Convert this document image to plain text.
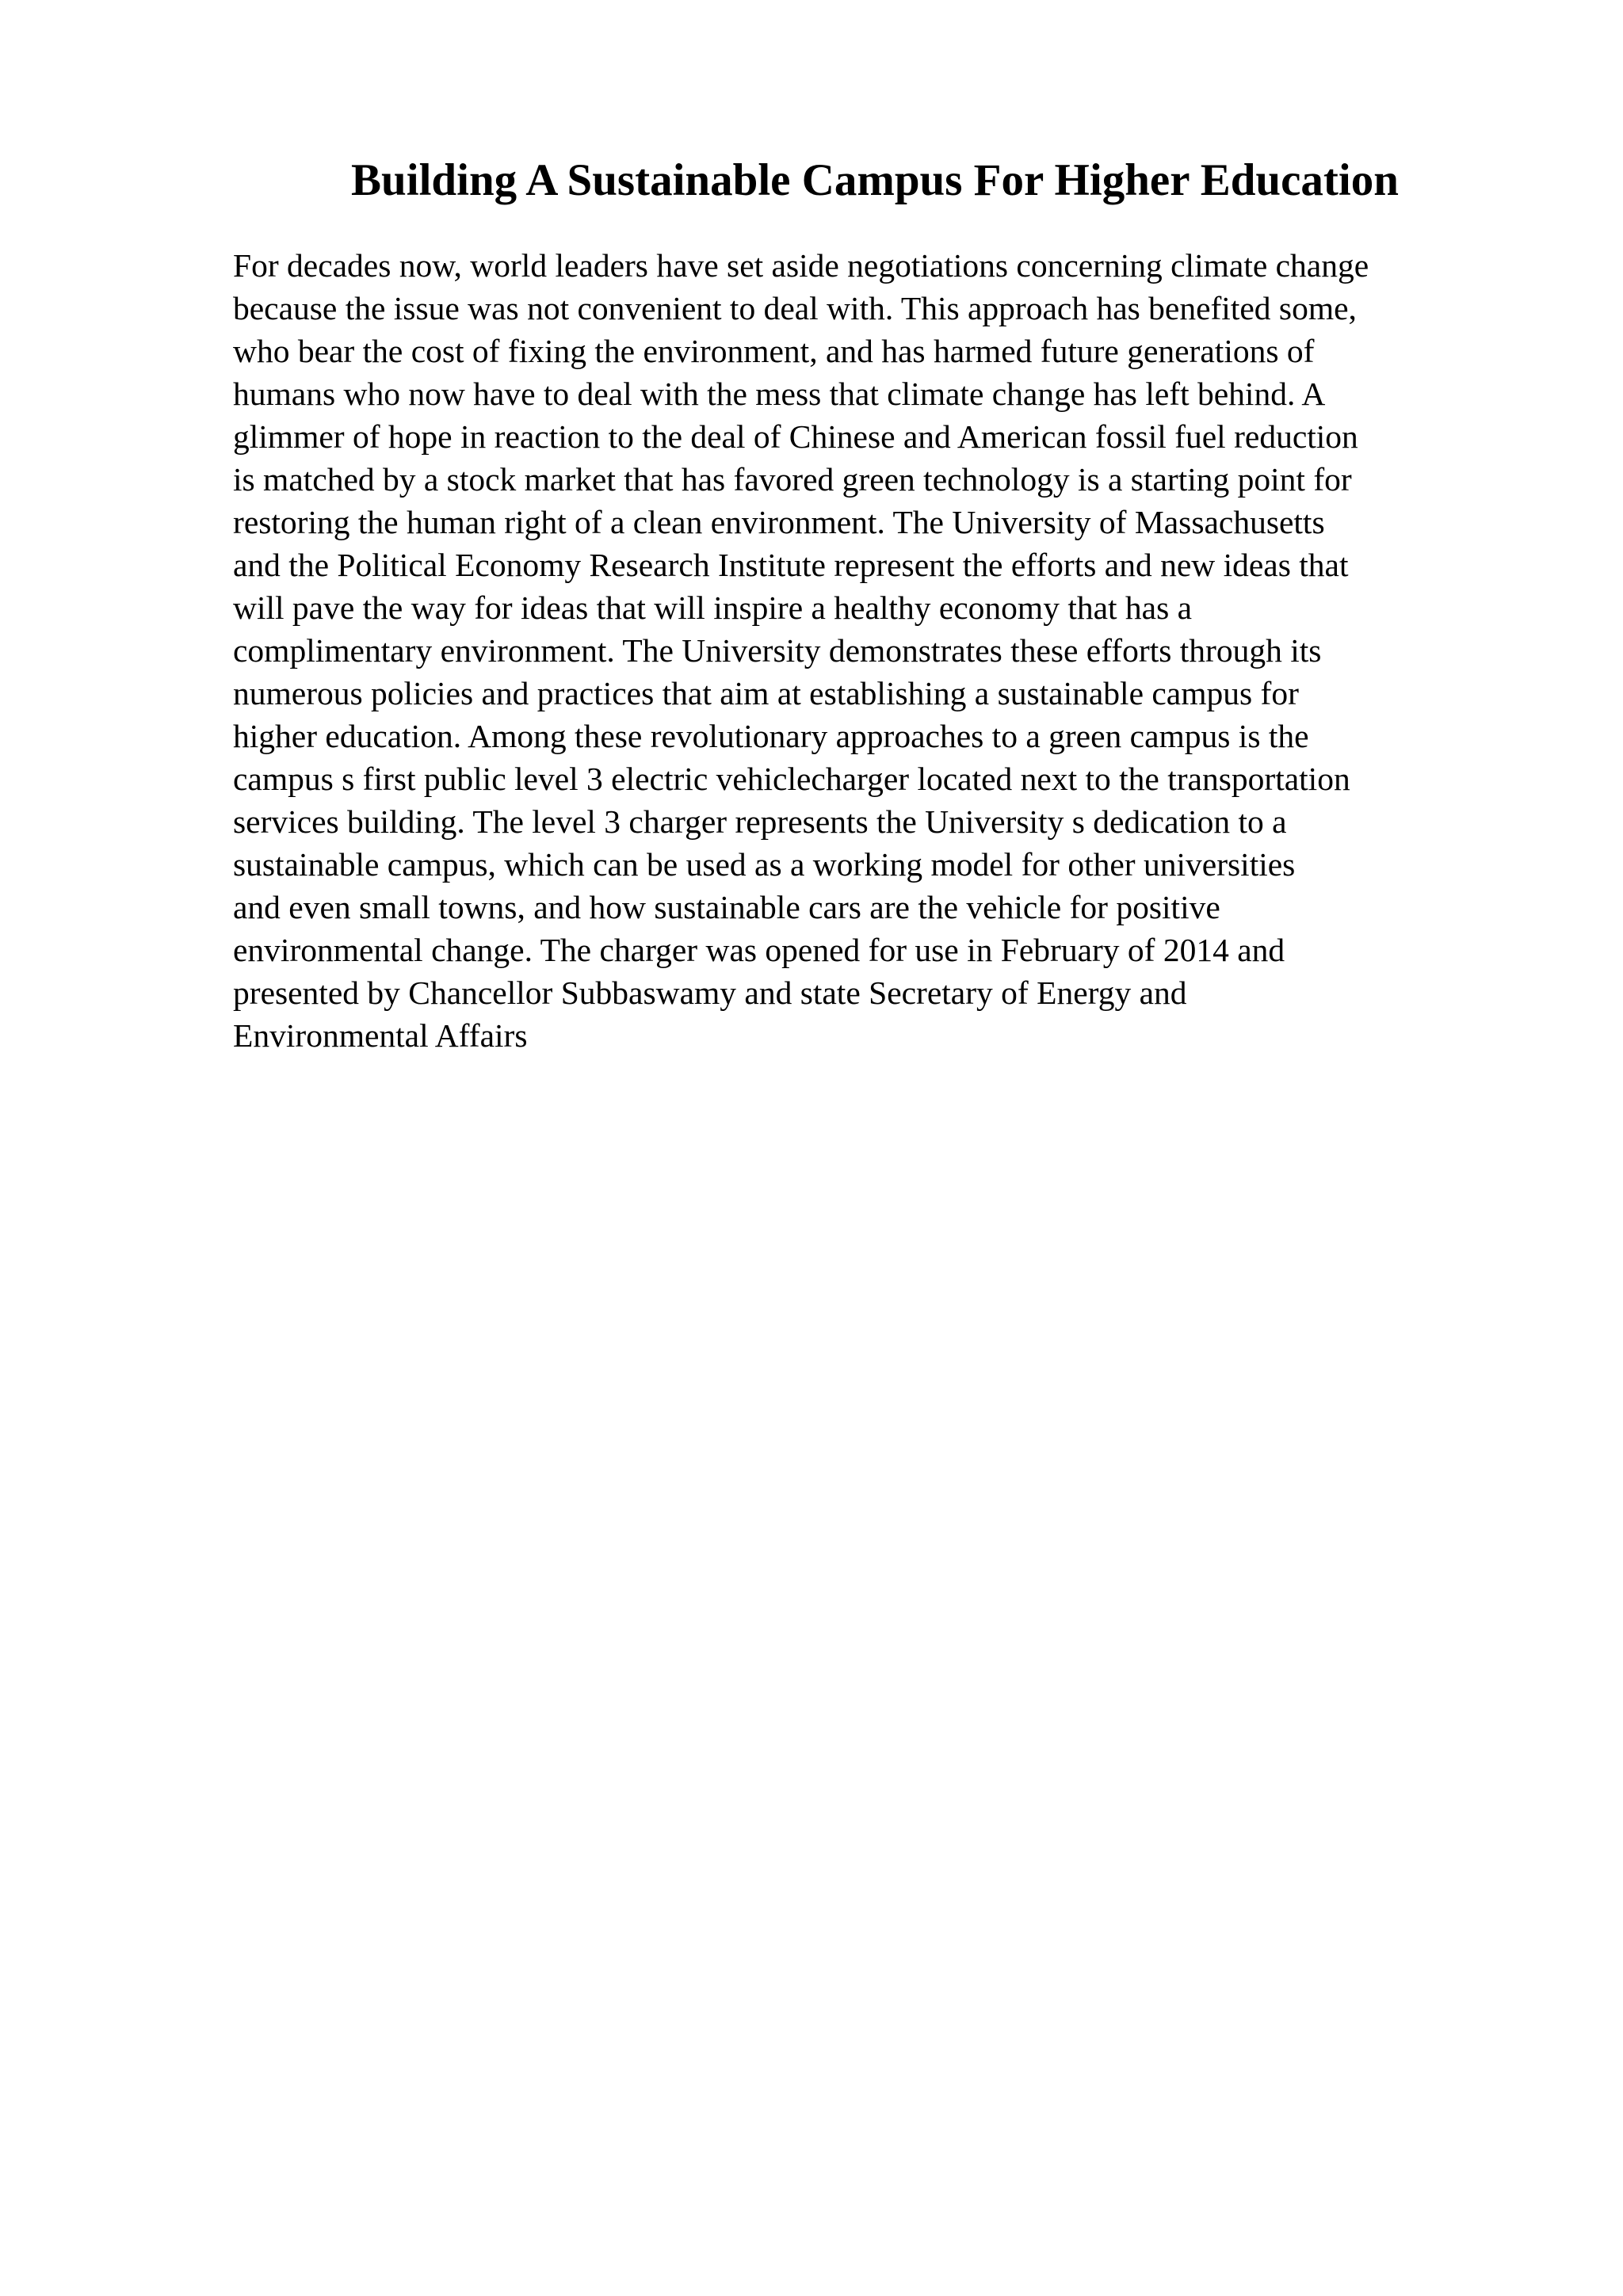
Building A Sustainable Campus For Higher Education
For decades now, world leaders have set aside negotiations concerning climate change
because the issue was not convenient to deal with. This approach has benefited some,
who bear the cost of fixing the environment, and has harmed future generations of
humans who now have to deal with the mess that climate change has left behind. A
glimmer of hope in reaction to the deal of Chinese and American fossil fuel reduction
is matched by a stock market that has favored green technology is a starting point for
restoring the human right of a clean environment. The University of Massachusetts
and the Political Economy Research Institute represent the efforts and new ideas that
will pave the way for ideas that will inspire a healthy economy that has a
complimentary environment. The University demonstrates these efforts through its
numerous policies and practices that aim at establishing a sustainable campus for
higher education. Among these revolutionary approaches to a green campus is the
campus s first public level 3 electric vehiclecharger located next to the transportation
services building. The level 3 charger represents the University s dedication to a
sustainable campus, which can be used as a working model for other universities
and even small towns, and how sustainable cars are the vehicle for positive
environmental change. The charger was opened for use in February of 2014 and
presented by Chancellor Subbaswamy and state Secretary of Energy and
Environmental Affairs
